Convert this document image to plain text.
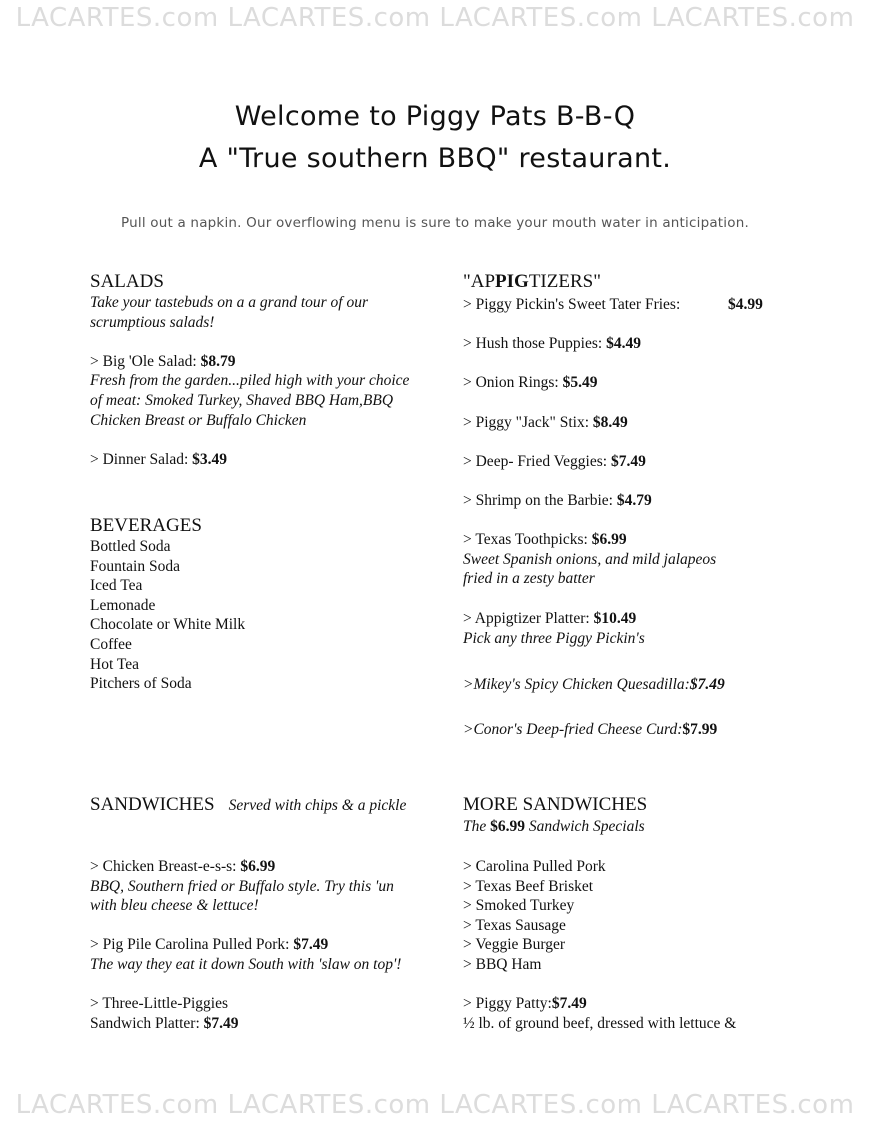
LACARTES.com LACARTES.com LACARTES.com LACARTES.com
Welcome to Piggy Pats B-B-Q
A "True southern BBQ" restaurant.
Pull out a napkin. Our overflowing menu is sure to make your mouth water in anticipation.
SALADS
Take your tastebuds on a a grand tour of our
scrumptious salads!
> Big 'Ole Salad: $8.79
Fresh from the garden...piled high with your choice
of meat: Smoked Turkey, Shaved BBQ Ham,BBQ
Chicken Breast or Buffalo Chicken
> Dinner Salad: $3.49
BEVERAGES
Bottled Soda
Fountain Soda
Iced Tea
Lemonade
Chocolate or White Milk
Coffee
Hot Tea
Pitchers of Soda
"APPIGTIZERS"
> Piggy Pickin's Sweet Tater Fries:	$4.99
> Hush those Puppies: $4.49
> Onion Rings: $5.49
> Piggy "Jack" Stix: $8.49
> Deep- Fried Veggies: $7.49
> Shrimp on the Barbie: $4.79
> Texas Toothpicks: $6.99
Sweet Spanish onions, and mild jalapeos
fried in a zesty batter
> Appigtizer Platter: $10.49
Pick any three Piggy Pickin's
>Mikey's Spicy Chicken Quesadilla:$7.49
>Conor's Deep-fried Cheese Curd:$7.99
SANDWICHES Served with chips & a pickle
> Chicken Breast-e-s-s: $6.99
BBQ, Southern fried or Buffalo style. Try this 'un
with bleu cheese & lettuce!
> Pig Pile Carolina Pulled Pork: $7.49
The way they eat it down South with 'slaw on top'!
> Three-Little-Piggies
Sandwich Platter: $7.49
MORE SANDWICHES
The $6.99 Sandwich Specials
> Carolina Pulled Pork
> Texas Beef Brisket
> Smoked Turkey
> Texas Sausage
> Veggie Burger
> BBQ Ham
> Piggy Patty:$7.49
½ lb. of ground beef, dressed with lettuce &
LACARTES.com LACARTES.com LACARTES.com LACARTES.com
